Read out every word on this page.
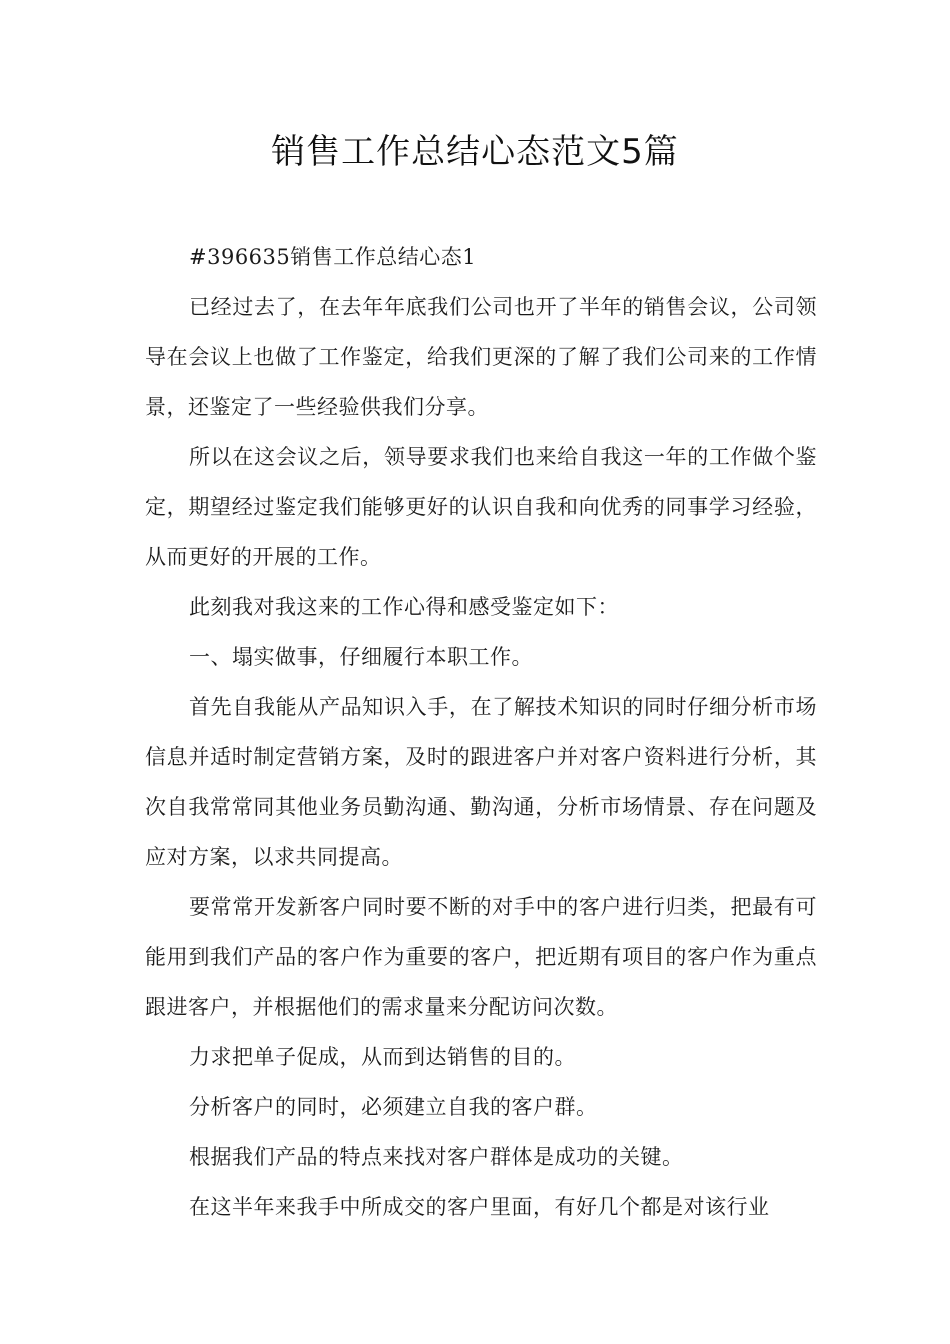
销售工作总结心态范文5篇

#396635销售工作总结心态1

已经过去了，在去年年底我们公司也开了半年的销售会议，公司领导在会议上也做了工作鉴定，给我们更深的了解了我们公司来的工作情景，还鉴定了一些经验供我们分享。

所以在这会议之后，领导要求我们也来给自我这一年的工作做个鉴定，期望经过鉴定我们能够更好的认识自我和向优秀的同事学习经验，从而更好的开展的工作。

此刻我对我这来的工作心得和感受鉴定如下：

一、塌实做事，仔细履行本职工作。

首先自我能从产品知识入手，在了解技术知识的同时仔细分析市场信息并适时制定营销方案，及时的跟进客户并对客户资料进行分析，其次自我常常同其他业务员勤沟通、勤沟通，分析市场情景、存在问题及应对方案，以求共同提高。

要常常开发新客户同时要不断的对手中的客户进行归类，把最有可能用到我们产品的客户作为重要的客户，把近期有项目的客户作为重点跟进客户，并根据他们的需求量来分配访问次数。

力求把单子促成，从而到达销售的目的。

分析客户的同时，必须建立自我的客户群。

根据我们产品的特点来找对客户群体是成功的关键。

在这半年来我手中所成交的客户里面，有好几个都是对该行业
